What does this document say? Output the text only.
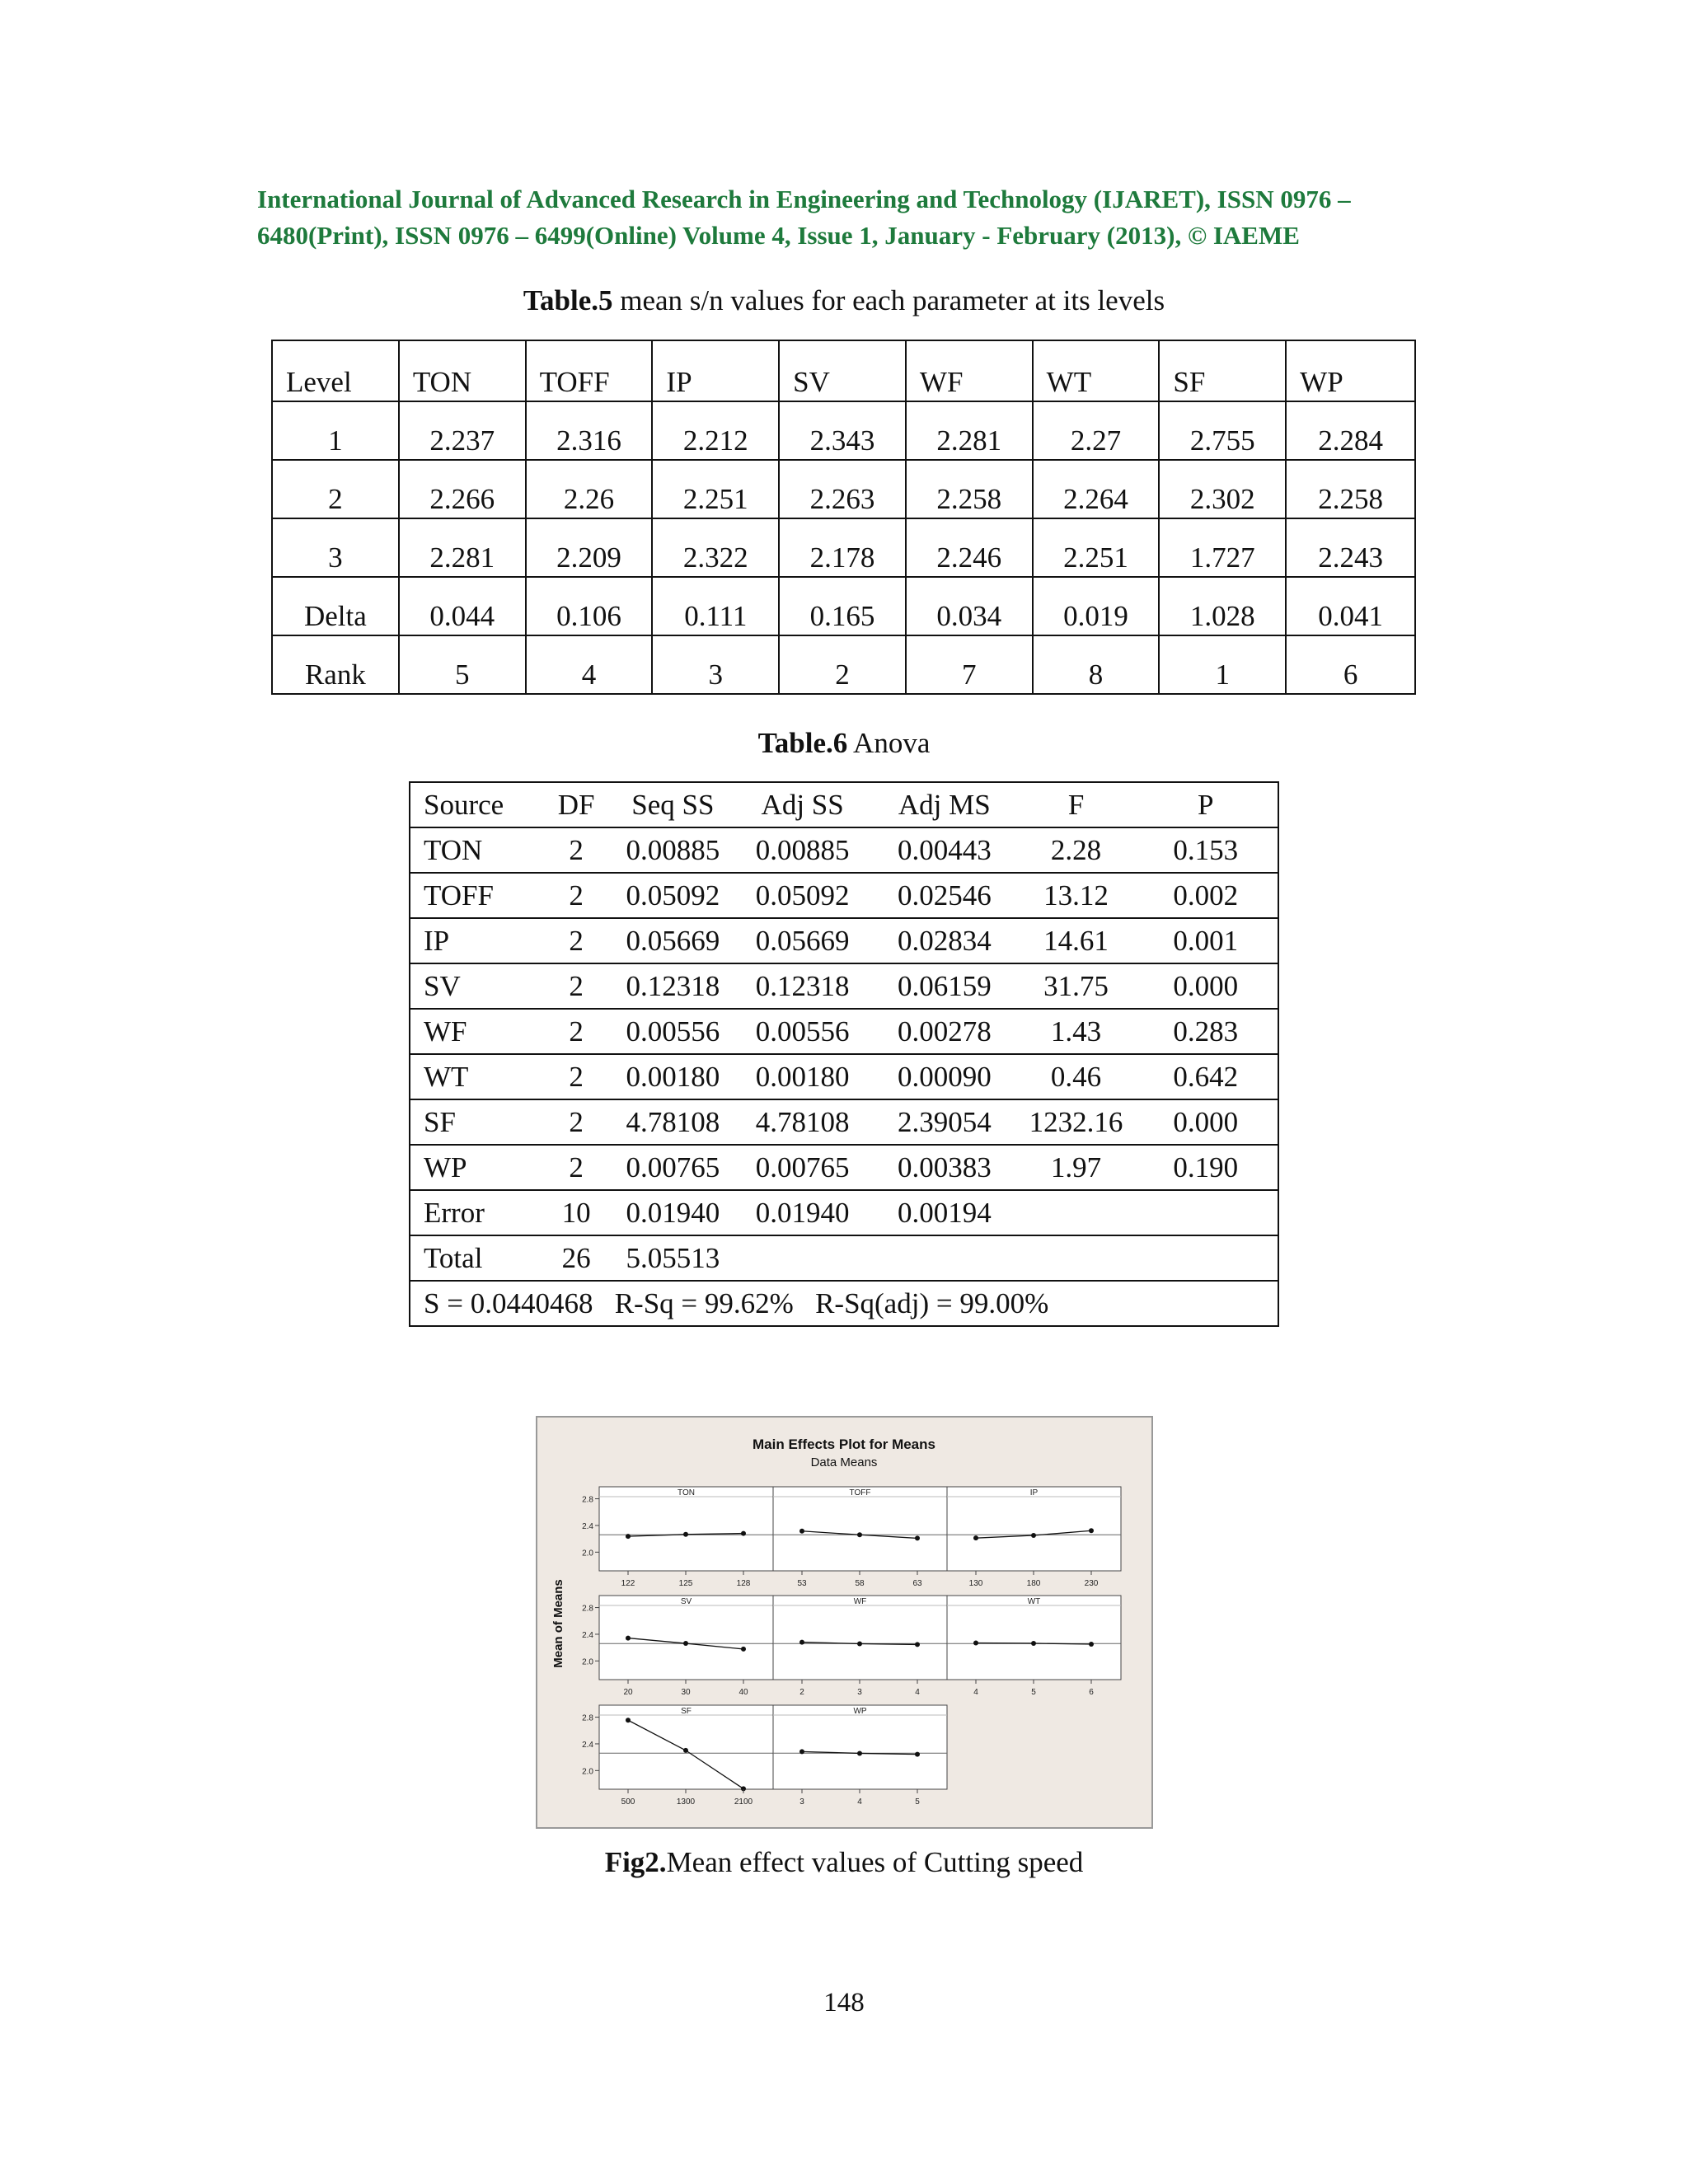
International Journal of Advanced Research in Engineering and Technology (IJARET), ISSN 0976 –
6480(Print), ISSN 0976 – 6499(Online) Volume 4, Issue 1, January - February (2013), © IAEME
Table.5 mean s/n values for each parameter at its levels
Level	TON	TOFF	IP	SV	WF	WT	SF	WP
1	2.237	2.316	2.212	2.343	2.281	2.27	2.755	2.284
2	2.266	2.26	2.251	2.263	2.258	2.264	2.302	2.258
3	2.281	2.209	2.322	2.178	2.246	2.251	1.727	2.243
Delta	0.044	0.106	0.111	0.165	0.034	0.019	1.028	0.041
Rank	5	4	3	2	7	8	1	6
Table.6 Anova
Source	DF	Seq SS	Adj SS	Adj MS	F	P
TON	2	0.00885	0.00885	0.00443	2.28	0.153
TOFF	2	0.05092	0.05092	0.02546	13.12	0.002
IP	2	0.05669	0.05669	0.02834	14.61	0.001
SV	2	0.12318	0.12318	0.06159	31.75	0.000
WF	2	0.00556	0.00556	0.00278	1.43	0.283
WT	2	0.00180	0.00180	0.00090	0.46	0.642
SF	2	4.78108	4.78108	2.39054	1232.16	0.000
WP	2	0.00765	0.00765	0.00383	1.97	0.190
Error	10	0.01940	0.01940	0.00194		
Total	26	5.05513				
S = 0.0440468   R-Sq = 99.62%   R-Sq(adj) = 99.00%						
Main Effects Plot for Means
Data Means
Mean of Means
TON
2.0
2.4
2.8
122	125	128
TOFF
53	58	63
IP
130	180	230
SV
2.0
2.4
2.8
20	30	40
WF
2	3	4
WT
4	5	6
SF
2.0
2.4
2.8
500	1300	2100
WP
3	4	5
Fig2.Mean effect values of Cutting speed
148
